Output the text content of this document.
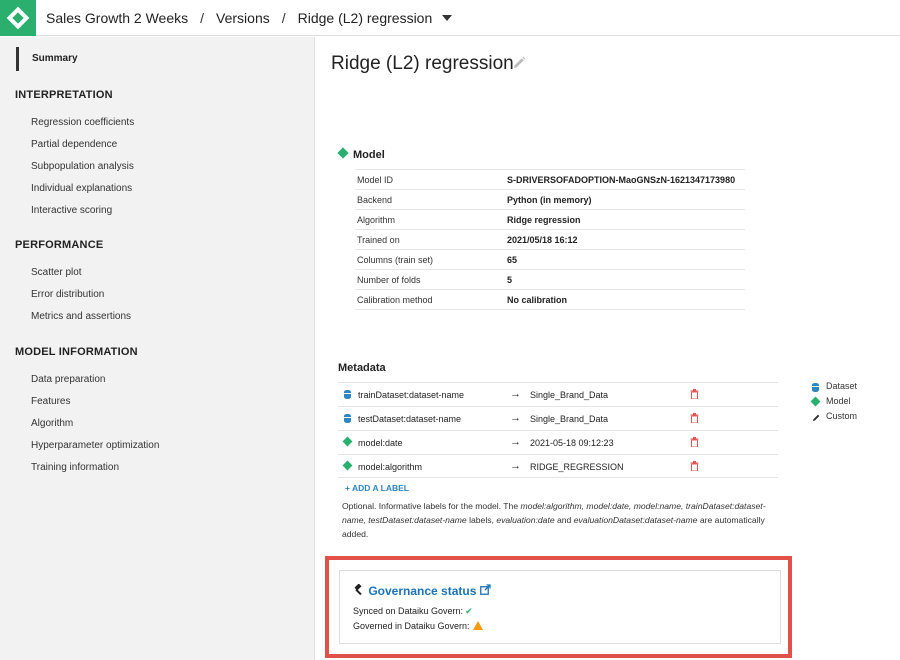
Sales Growth 2 Weeks / Versions / Ridge (L2) regression
Summary
INTERPRETATION
Regression coefficients
Partial dependence
Subpopulation analysis
Individual explanations
Interactive scoring
PERFORMANCE
Scatter plot
Error distribution
Metrics and assertions
MODEL INFORMATION
Data preparation
Features
Algorithm
Hyperparameter optimization
Training information
Ridge (L2) regression
Model
Model ID	S-DRIVERSOFADOPTION-MaoGNSzN-1621347173980
Backend	Python (in memory)
Algorithm	Ridge regression
Trained on	2021/05/18 16:12
Columns (train set)	65
Number of folds	5
Calibration method	No calibration
Metadata
trainDataset:dataset-name	→ Single_Brand_Data
testDataset:dataset-name	→ Single_Brand_Data
model:date	→ 2021-05-18 09:12:23
model:algorithm	→ RIDGE_REGRESSION
+ ADD A LABEL
Optional. Informative labels for the model. The model:algorithm, model:date, model:name, trainDataset:dataset-name, testDataset:dataset-name labels, evaluation:date and evaluationDataset:dataset-name are automatically added.
Dataset
Model
Custom
Governance status
Synced on Dataiku Govern: ✔
Governed in Dataiku Govern:
